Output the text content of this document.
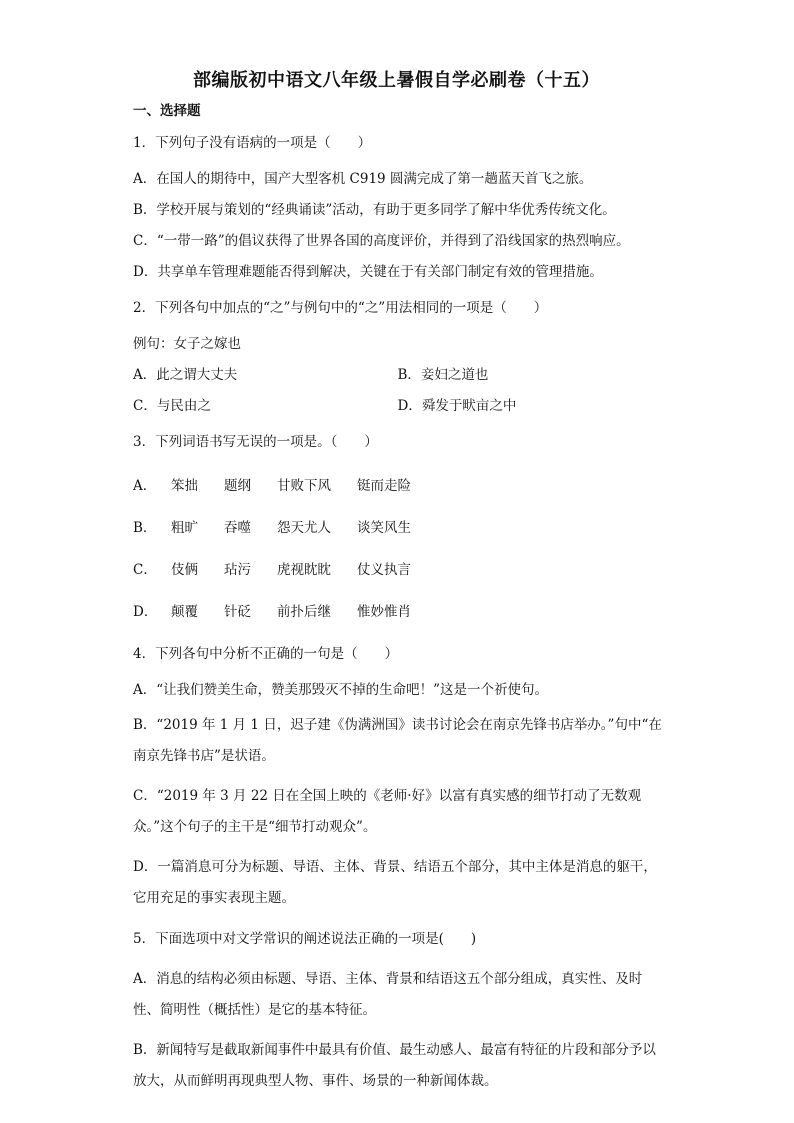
部编版初中语文八年级上暑假自学必刷卷（十五）
一、选择题
1．下列句子没有语病的一项是（　　）
A．在国人的期待中，国产大型客机 C919 圆满完成了第一趟蓝天首飞之旅。
B．学校开展与策划的“经典诵读”活动，有助于更多同学了解中华优秀传统文化。
C．“一带一路”的倡议获得了世界各国的高度评价，并得到了沿线国家的热烈响应。
D．共享单车管理难题能否得到解决，关键在于有关部门制定有效的管理措施。
2．下列各句中加点的“之”与例句中的“之”用法相同的一项是（　　）
例句：女子之嫁也
A．此之谓大丈夫	B．妾妇之道也
C．与民由之	D．舜发于畎亩之中
3．下列词语书写无误的一项是。（　　）
A．	笨拙 题纲 甘败下风 铤而走险
B．	粗旷 吞噬 怨天尤人 谈笑风生
C．	伎俩 玷污 虎视眈眈 仗义执言
D．	颠覆 针砭 前扑后继 惟妙惟肖
4．下列各句中分析不正确的一句是（　　）
A．“让我们赞美生命，赞美那毁灭不掉的生命吧！”这是一个祈使句。
B．“2019 年 1 月 1 日，迟子建《伪满洲国》读书讨论会在南京先锋书店举办。”句中“在南京先锋书店”是状语。
C．“2019 年 3 月 22 日在全国上映的《老师·好》以富有真实感的细节打动了无数观众。”这个句子的主干是“细节打动观众”。
D．一篇消息可分为标题、导语、主体、背景、结语五个部分，其中主体是消息的躯干，它用充足的事实表现主题。
5．下面选项中对文学常识的阐述说法正确的一项是(　　)
A．消息的结构必须由标题、导语、主体、背景和结语这五个部分组成，真实性、及时性、简明性（概括性）是它的基本特征。
B．新闻特写是截取新闻事件中最具有价值、最生动感人、最富有特征的片段和部分予以放大，从而鲜明再现典型人物、事件、场景的一种新闻体裁。
